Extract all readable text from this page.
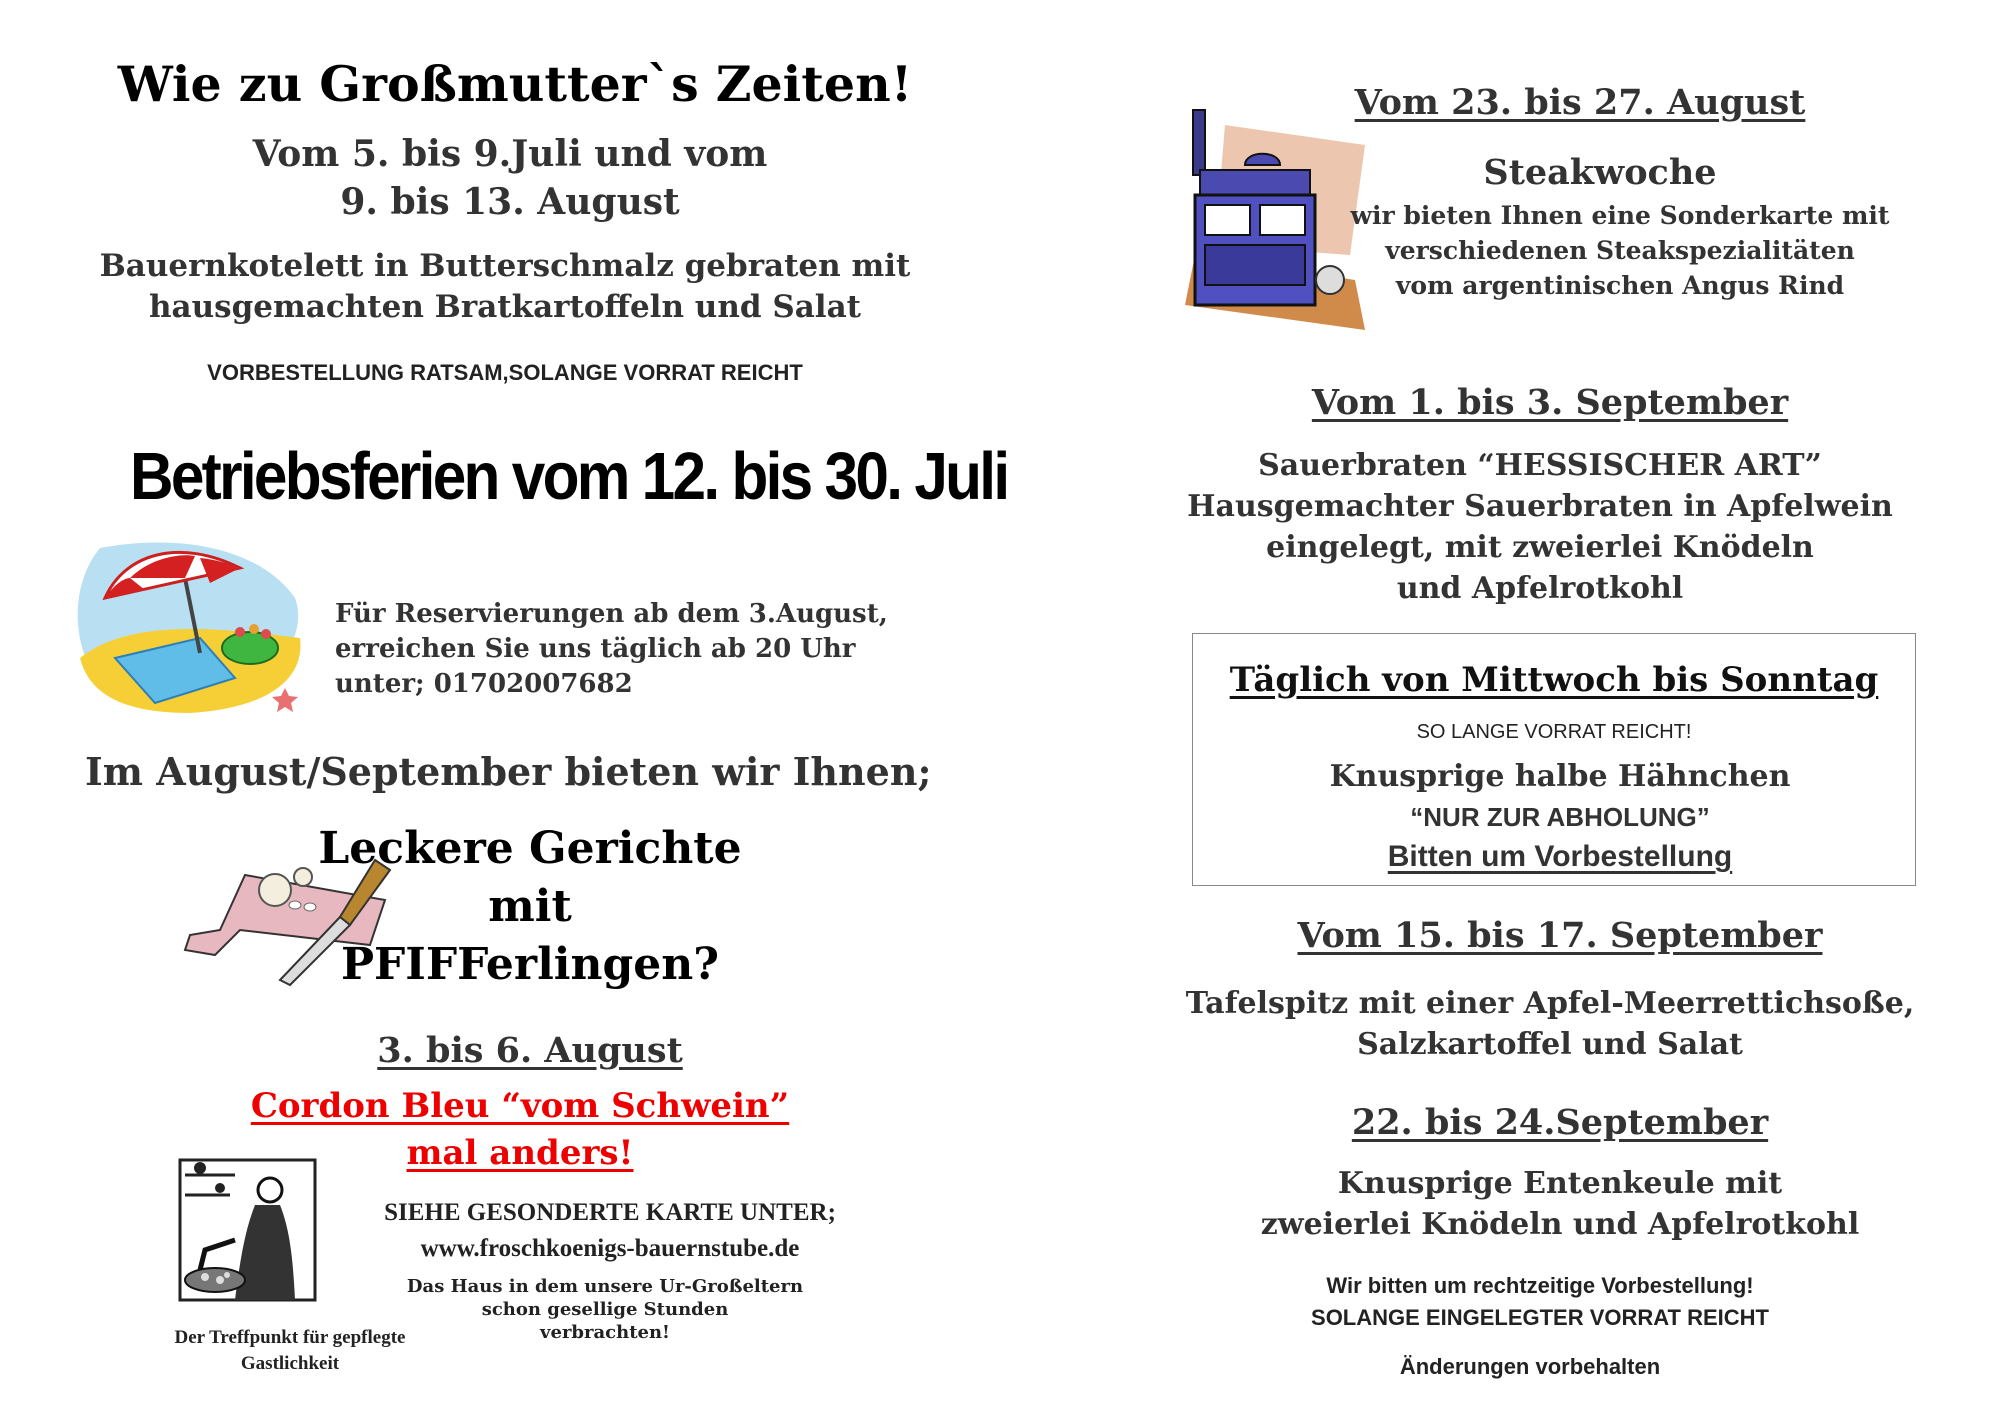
Wie zu Großmutter`s Zeiten!
Vom 5. bis 9.Juli und vom
9. bis 13. August
Bauernkotelett in Butterschmalz gebraten mit
hausgemachten Bratkartoffeln und Salat
VORBESTELLUNG RATSAM,SOLANGE VORRAT REICHT
Betriebsferien vom 12. bis 30. Juli
Für Reservierungen ab dem 3.August,
erreichen Sie uns täglich ab 20 Uhr
unter; 01702007682
Im August/September bieten wir Ihnen;
Leckere Gerichte
mit
PFIFFerlingen?
3. bis 6. August
Cordon Bleu “vom Schwein”
mal anders!
SIEHE GESONDERTE KARTE UNTER;
www.froschkoenigs-bauernstube.de
Das Haus in dem unsere Ur-Großeltern
schon gesellige Stunden
verbrachten!
Der Treffpunkt für gepflegte
Gastlichkeit
Vom 23. bis 27. August
Steakwoche
wir bieten Ihnen eine Sonderkarte mit
verschiedenen Steakspezialitäten
vom argentinischen Angus Rind
Vom 1. bis 3. September
Sauerbraten “HESSISCHER ART”
Hausgemachter Sauerbraten in Apfelwein
eingelegt, mit zweierlei Knödeln
und Apfelrotkohl
Täglich von Mittwoch bis Sonntag
SO LANGE VORRAT REICHT!
Knusprige halbe Hähnchen
“NUR ZUR ABHOLUNG”
Bitten um Vorbestellung
Vom 15. bis 17. September
Tafelspitz mit einer Apfel-Meerrettichsoße,
Salzkartoffel und Salat
22. bis 24.September
Knusprige Entenkeule mit
zweierlei Knödeln und Apfelrotkohl
Wir bitten um rechtzeitige Vorbestellung!
SOLANGE EINGELEGTER VORRAT REICHT
Änderungen vorbehalten
